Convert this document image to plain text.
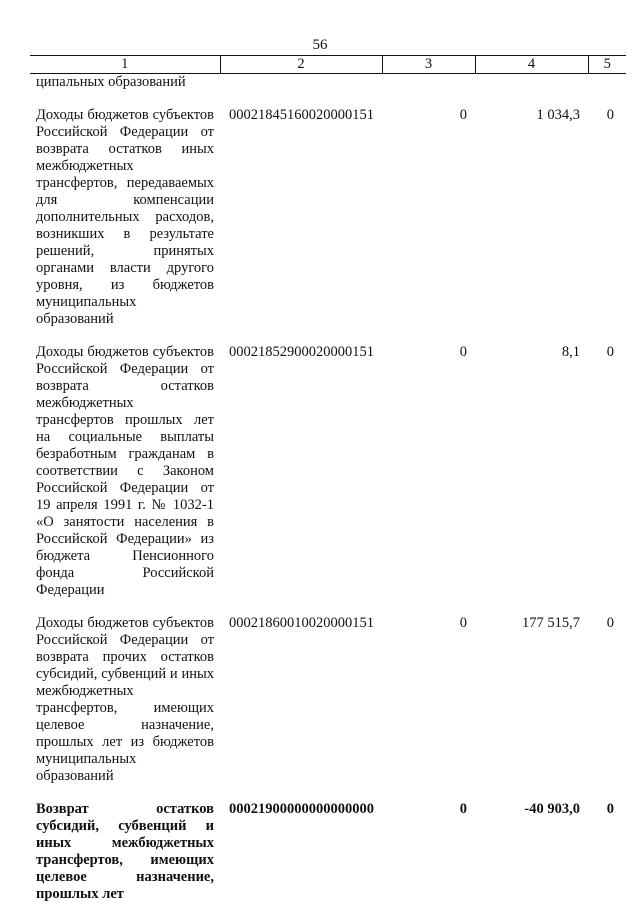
56
1	2	3	4	5
ципальных образований				

Доходы бюджетов субъектов Российской Федерации от возврата остатков иных межбюджетных трансфертов, передаваемых для компенсации дополнительных расходов, возникших в результате решений, принятых органами власти другого уровня, из бюджетов муниципальных образований	00021845160020000151	0	1 034,3	0

Доходы бюджетов субъектов Российской Федерации от возврата остатков межбюджетных трансфертов прошлых лет на социальные выплаты безработным гражданам в соответствии с Законом Российской Федерации от 19 апреля 1991 г. № 1032-1 «О занятости населения в Российской Федерации» из бюджета Пенсионного фонда Российской Федерации	00021852900020000151	0	8,1	0

Доходы бюджетов субъектов Российской Федерации от возврата прочих остатков субсидий, субвенций и иных межбюджетных трансфертов, имеющих целевое назначение, прошлых лет из бюджетов муниципальных образований	00021860010020000151	0	177 515,7	0

Возврат остатков субсидий, субвенций и иных межбюджетных трансфертов, имеющих целевое назначение, прошлых лет	00021900000000000000	0	-40 903,0	0
